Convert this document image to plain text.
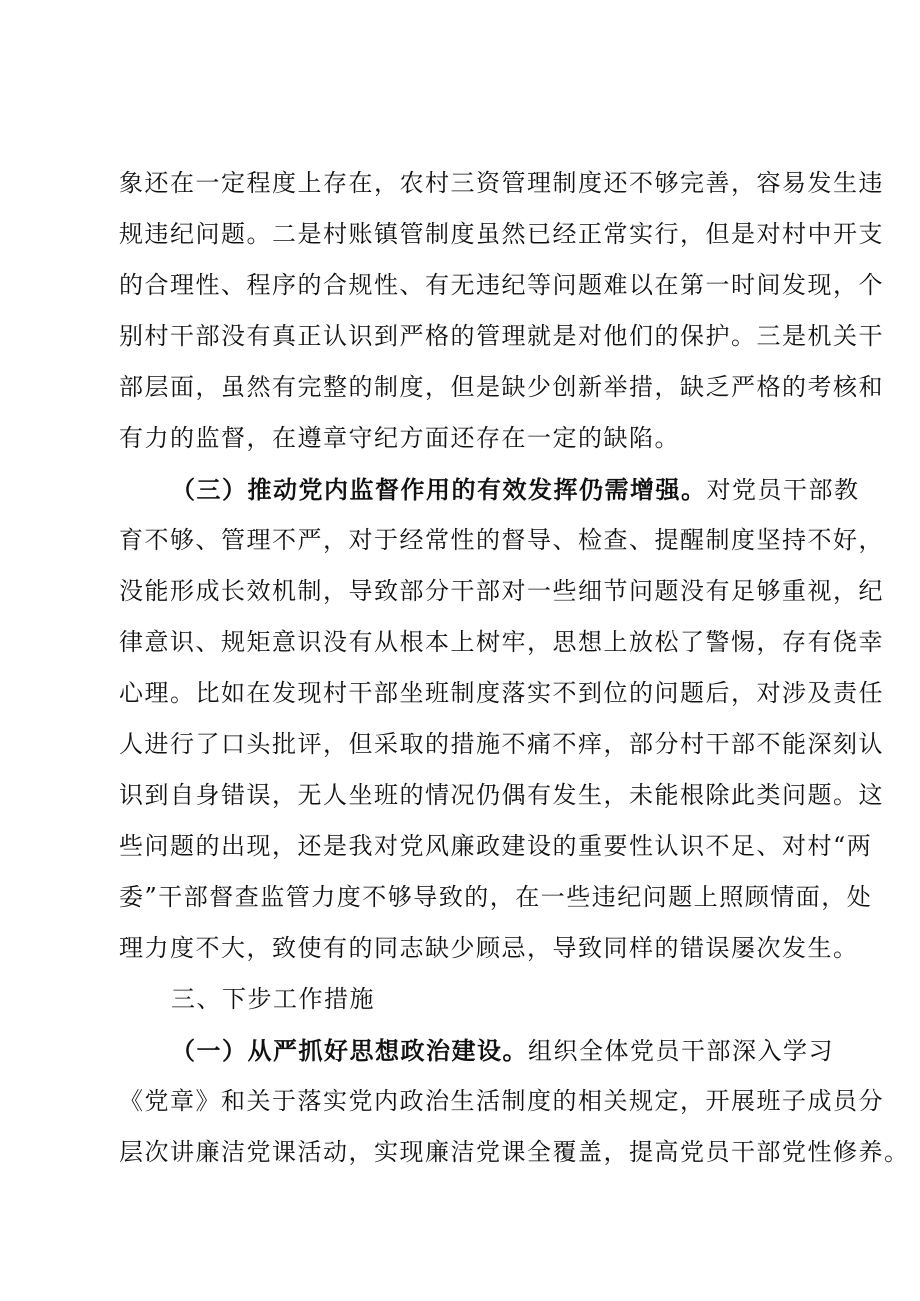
象还在一定程度上存在，农村三资管理制度还不够完善，容易发生违
规违纪问题。二是村账镇管制度虽然已经正常实行，但是对村中开支
的合理性、程序的合规性、有无违纪等问题难以在第一时间发现，个
别村干部没有真正认识到严格的管理就是对他们的保护。三是机关干
部层面，虽然有完整的制度，但是缺少创新举措，缺乏严格的考核和
有力的监督，在遵章守纪方面还存在一定的缺陷。
（三）推动党内监督作用的有效发挥仍需增强。对党员干部教
育不够、管理不严，对于经常性的督导、检查、提醒制度坚持不好，
没能形成长效机制，导致部分干部对一些细节问题没有足够重视，纪
律意识、规矩意识没有从根本上树牢，思想上放松了警惕，存有侥幸
心理。比如在发现村干部坐班制度落实不到位的问题后，对涉及责任
人进行了口头批评，但采取的措施不痛不痒，部分村干部不能深刻认
识到自身错误，无人坐班的情况仍偶有发生，未能根除此类问题。这
些问题的出现，还是我对党风廉政建设的重要性认识不足、对村“两
委”干部督查监管力度不够导致的，在一些违纪问题上照顾情面，处
理力度不大，致使有的同志缺少顾忌，导致同样的错误屡次发生。
三、下步工作措施
（一）从严抓好思想政治建设。组织全体党员干部深入学习
《党章》和关于落实党内政治生活制度的相关规定，开展班子成员分
层次讲廉洁党课活动，实现廉洁党课全覆盖，提高党员干部党性修养。
